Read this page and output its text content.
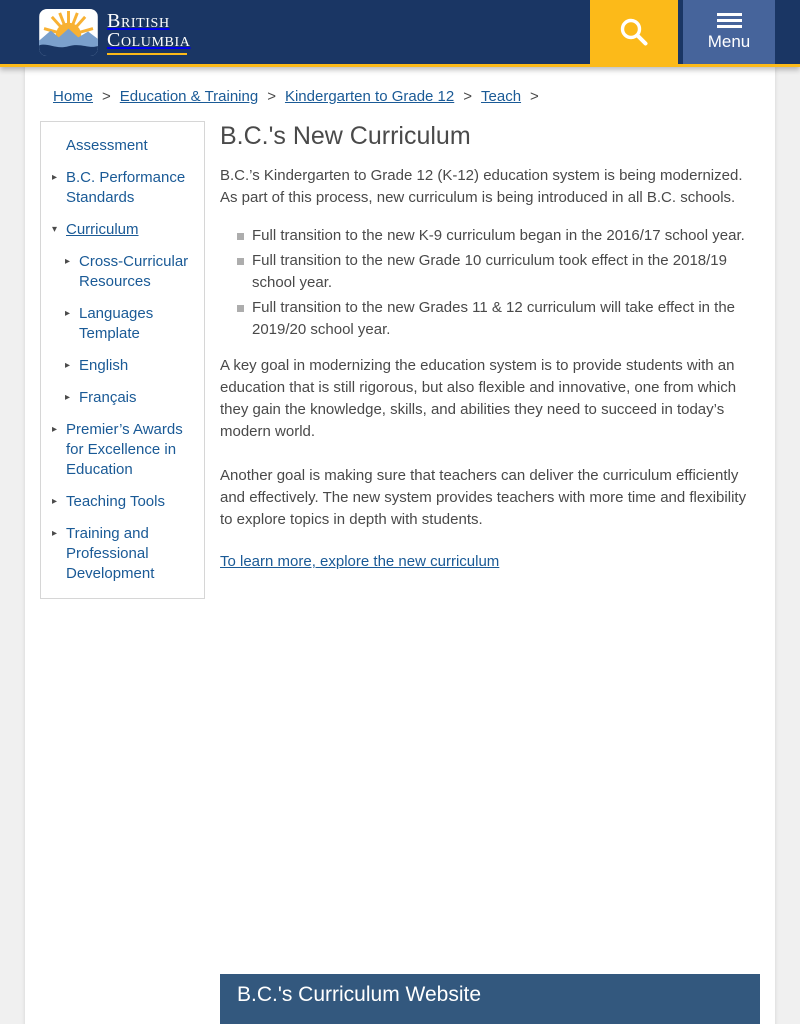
British
Columbia	Menu
Home > Education & Training > Kindergarten to Grade 12 > Teach >
Assessment
▸ B.C. Performance Standards
▾ Curriculum
▸ Cross-Curricular Resources
▸ Languages Template
▸ English
▸ Français
▸ Premier’s Awards for Excellence in Education
▸ Teaching Tools
▸ Training and Professional Development
B.C.'s New Curriculum

B.C.’s Kindergarten to Grade 12 (K-12) education system is being modernized. As part of this process, new curriculum is being introduced in all B.C. schools.

Full transition to the new K-9 curriculum began in the 2016/17 school year.
Full transition to the new Grade 10 curriculum took effect in the 2018/19 school year.
Full transition to the new Grades 11 & 12 curriculum will take effect in the 2019/20 school year.

A key goal in modernizing the education system is to provide students with an education that is still rigorous, but also flexible and innovative, one from which they gain the knowledge, skills, and abilities they need to succeed in today’s modern world.

Another goal is making sure that teachers can deliver the curriculum efficiently and effectively. The new system provides teachers with more time and flexibility to explore topics in depth with students.

To learn more, explore the new curriculum
B.C.'s Curriculum Website
